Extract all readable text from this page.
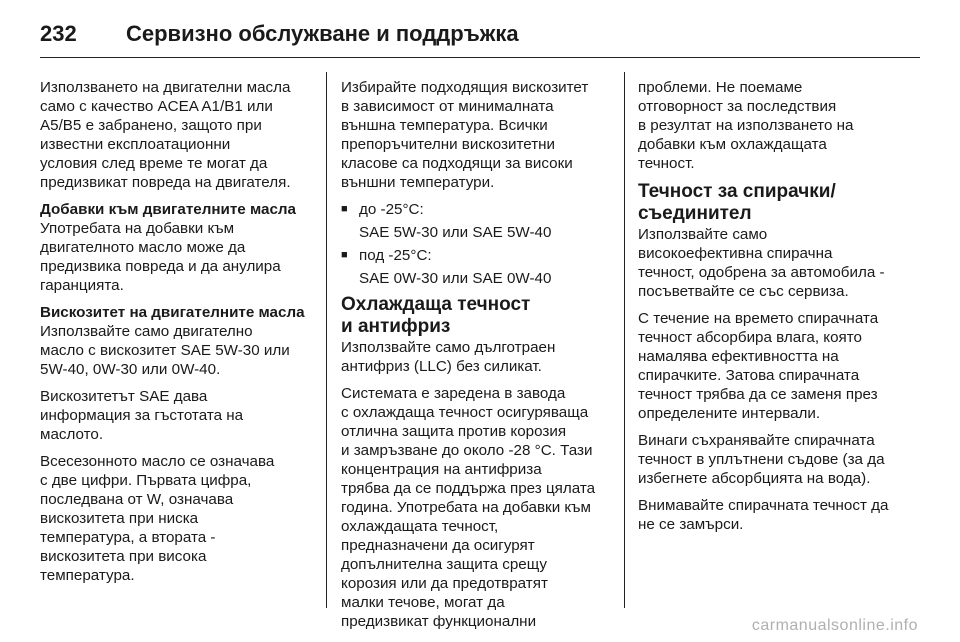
232	Сервизно обслужване и поддръжка

Използването на двигателни масла
само с качество ACEA A1/B1 или
A5/B5 е забранено, защото при
известни експлоатационни
условия след време те могат да
предизвикат повреда на двигателя.

Добавки към двигателните масла

Употребата на добавки към
двигателното масло може да
предизвика повреда и да анулира
гаранцията.

Вискозитет на двигателните масла

Използвайте само двигателно
масло с вискозитет SAE 5W-30 или
5W-40, 0W-30 или 0W-40.

Вискозитетът SAE дава
информация за гъстотата на
маслото.

Всесезонното масло се означава
с две цифри. Първата цифра,
последвана от W, означава
вискозитета при ниска
температура, а втората -
вискозитета при висока
температура.

Избирайте подходящия вискозитет
в зависимост от минималната
външна температура. Всички
препоръчителни вискозитетни
класове са подходящи за високи
външни температури.

■ до -25°C:
SAE 5W-30 или SAE 5W-40
■ под -25°C:
SAE 0W-30 или SAE 0W-40
Охлаждаща течност
и антифриз

Използвайте само дълготраен
антифриз (LLC) без силикат.

Системата е заредена в завода
с охлаждаща течност осигуряваща
отлична защита против корозия
и замръзване до около -28 °C. Тази
концентрация на антифриза
трябва да се поддържа през цялата
година. Употребата на добавки към
охлаждащата течност,
предназначени да осигурят
допълнителна защита срещу
корозия или да предотвратят
малки течове, могат да
предизвикат функционални

проблеми. Не поемаме
отговорност за последствия
в резултат на използването на
добавки към охлаждащата
течност.

Течност за спирачки/
съединител

Използвайте само
високоефективна спирачна
течност, одобрена за автомобила -
посъветвайте се със сервиза.

С течение на времето спирачната
течност абсорбира влага, която
намалява ефективността на
спирачките. Затова спирачната
течност трябва да се заменя през
определените интервали.

Винаги съхранявайте спирачната
течност в уплътнени съдове (за да
избегнете абсорбцията на вода).

Внимавайте спирачната течност да
не се замърси.

carmanualsonline.info
